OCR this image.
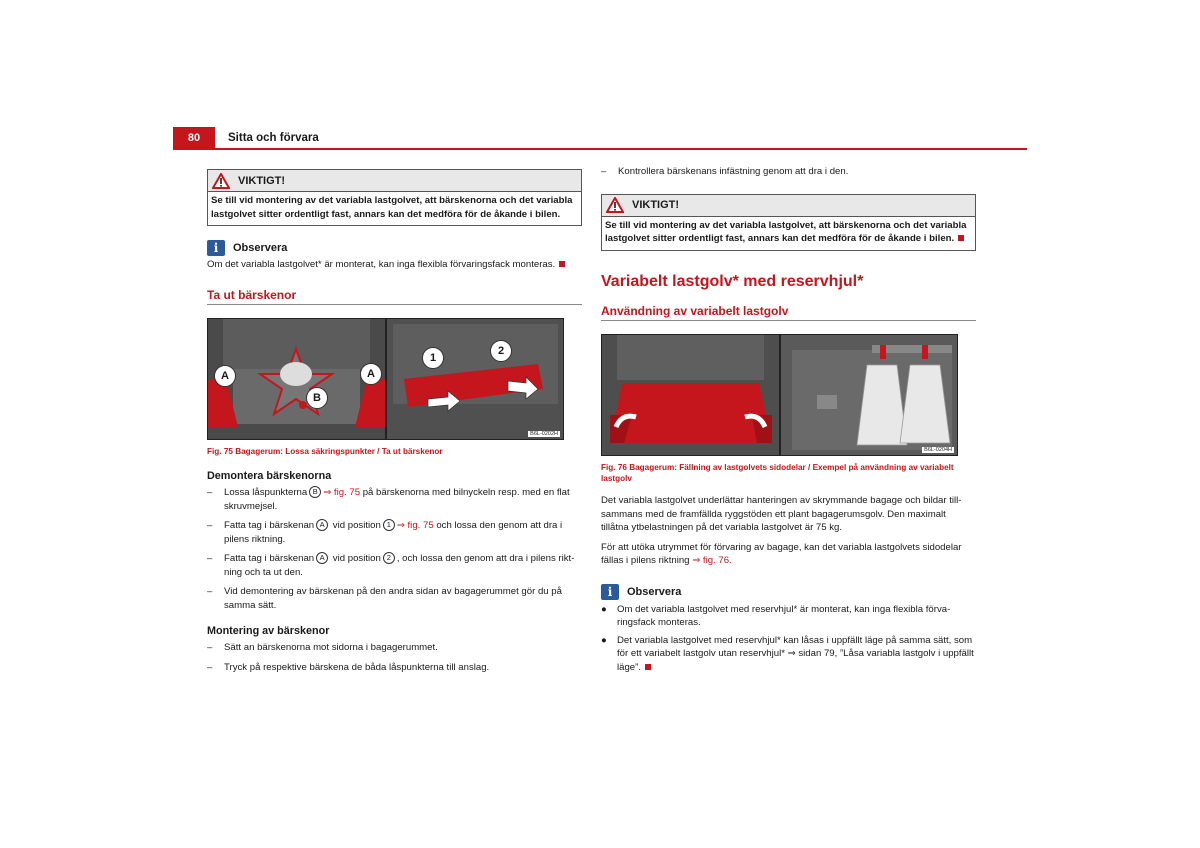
80	Sitta och förvara
VIKTIGT!
Se till vid montering av det variabla lastgolvet, att bärskenorna och det variabla lastgolvet sitter ordentligt fast, annars kan det medföra för de åkande i bilen.
i	Observera
Om det variabla lastgolvet* är monterat, kan inga flexibla förvaringsfack monteras.
Ta ut bärskenor
A	A
B
1
2
B6L-0202H
Fig. 75 Bagagerum: Lossa säkringspunkter / Ta ut bärskenor
Demontera bärskenorna
– Lossa låspunkterna B ⇒ fig. 75 på bärskenorna med bilnyckeln resp. med en flat skruvmejsel.
– Fatta tag i bärskenan A vid position 1 ⇒ fig. 75 och lossa den genom att dra i pilens riktning.
– Fatta tag i bärskenan A vid position 2 , och lossa den genom att dra i pilens rikt-ning och ta ut den.
– Vid demontering av bärskenan på den andra sidan av bagagerummet gör du på samma sätt.
Montering av bärskenor
– Sätt an bärskenorna mot sidorna i bagagerummet.
– Tryck på respektive bärskena de båda låspunkterna till anslag.
– Kontrollera bärskenans infästning genom att dra i den.
VIKTIGT!
Se till vid montering av det variabla lastgolvet, att bärskenorna och det variabla lastgolvet sitter ordentligt fast, annars kan det medföra för de åkande i bilen.
Variabelt lastgolv* med reservhjul*
Användning av variabelt lastgolv
B6L-0204H
Fig. 76 Bagagerum: Fällning av lastgolvets sidodelar / Exempel på användning av variabelt lastgolv
Det variabla lastgolvet underlättar hanteringen av skrymmande bagage och bildar till-sammans med de framfällda ryggstöden ett plant bagagerumsgolv. Den maximalt tillåtna ytbelastningen på det variabla lastgolvet är 75 kg.
För att utöka utrymmet för förvaring av bagage, kan det variabla lastgolvets sidodelar fällas i pilens riktning ⇒ fig. 76.
i	Observera
● Om det variabla lastgolvet med reservhjul* är monterat, kan inga flexibla förva-ringsfack monteras.
● Det variabla lastgolvet med reservhjul* kan låsas i uppfällt läge på samma sätt, som för ett variabelt lastgolv utan reservhjul* ⇒ sidan 79, ”Låsa variabla lastgolv i uppfällt läge”.
